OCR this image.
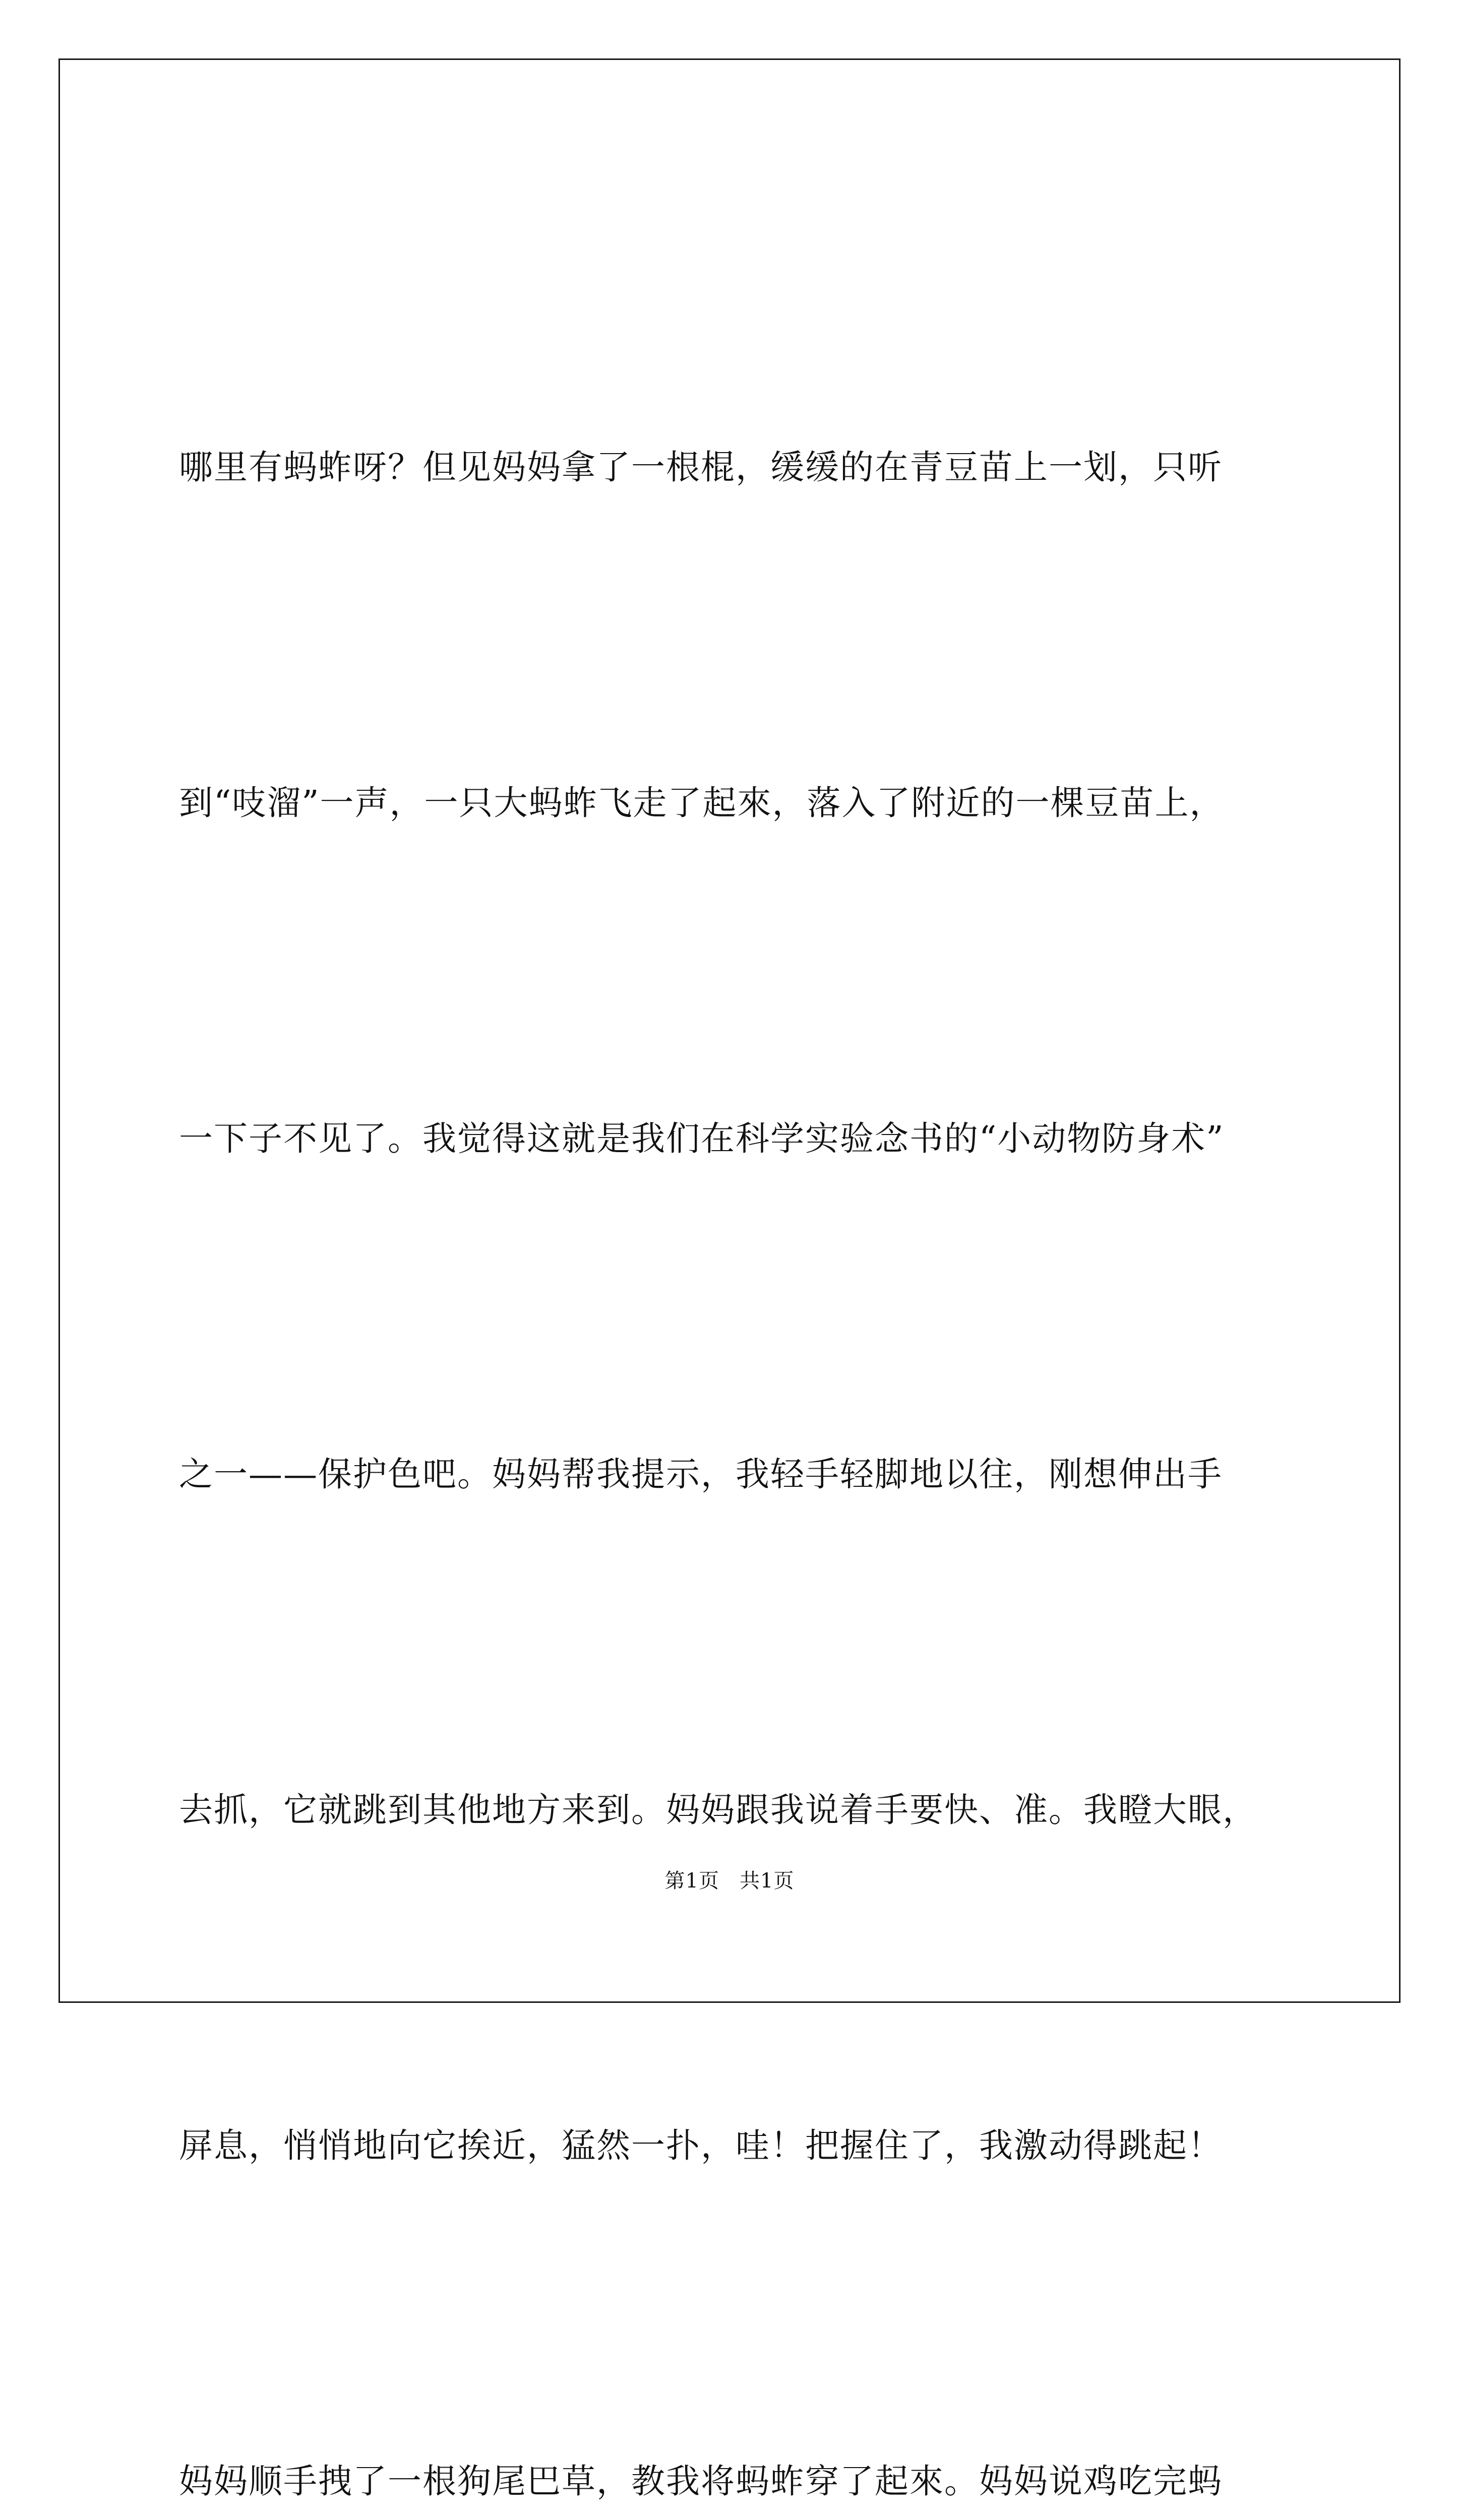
哪里有蚂蚱呀？但见妈妈拿了一根棍，缓缓的在青豆苗上一划，只听

到“吱溜”一声，一只大蚂蚱飞走了起來，落入了附近的一棵豆苗上，

一下子不见了。我觉得这就是我们在科学实验念书的“小动物防身术”

之一——保护色吧。妈妈帮我提示，我轻手轻脚地以往，刚想伸出手

去抓，它就跳到其他地方来到。妈妈跟我说着手要快、准。我瞪大眼，

屏息，悄悄地向它挨近，猛然一扑，哇！把握住了，我激动得跳起！

妈妈顺手拽了一根狗尾巴草，教我将蚂蚱穿了起來。妈妈说鸡吃完蚂

第1页 共1页
